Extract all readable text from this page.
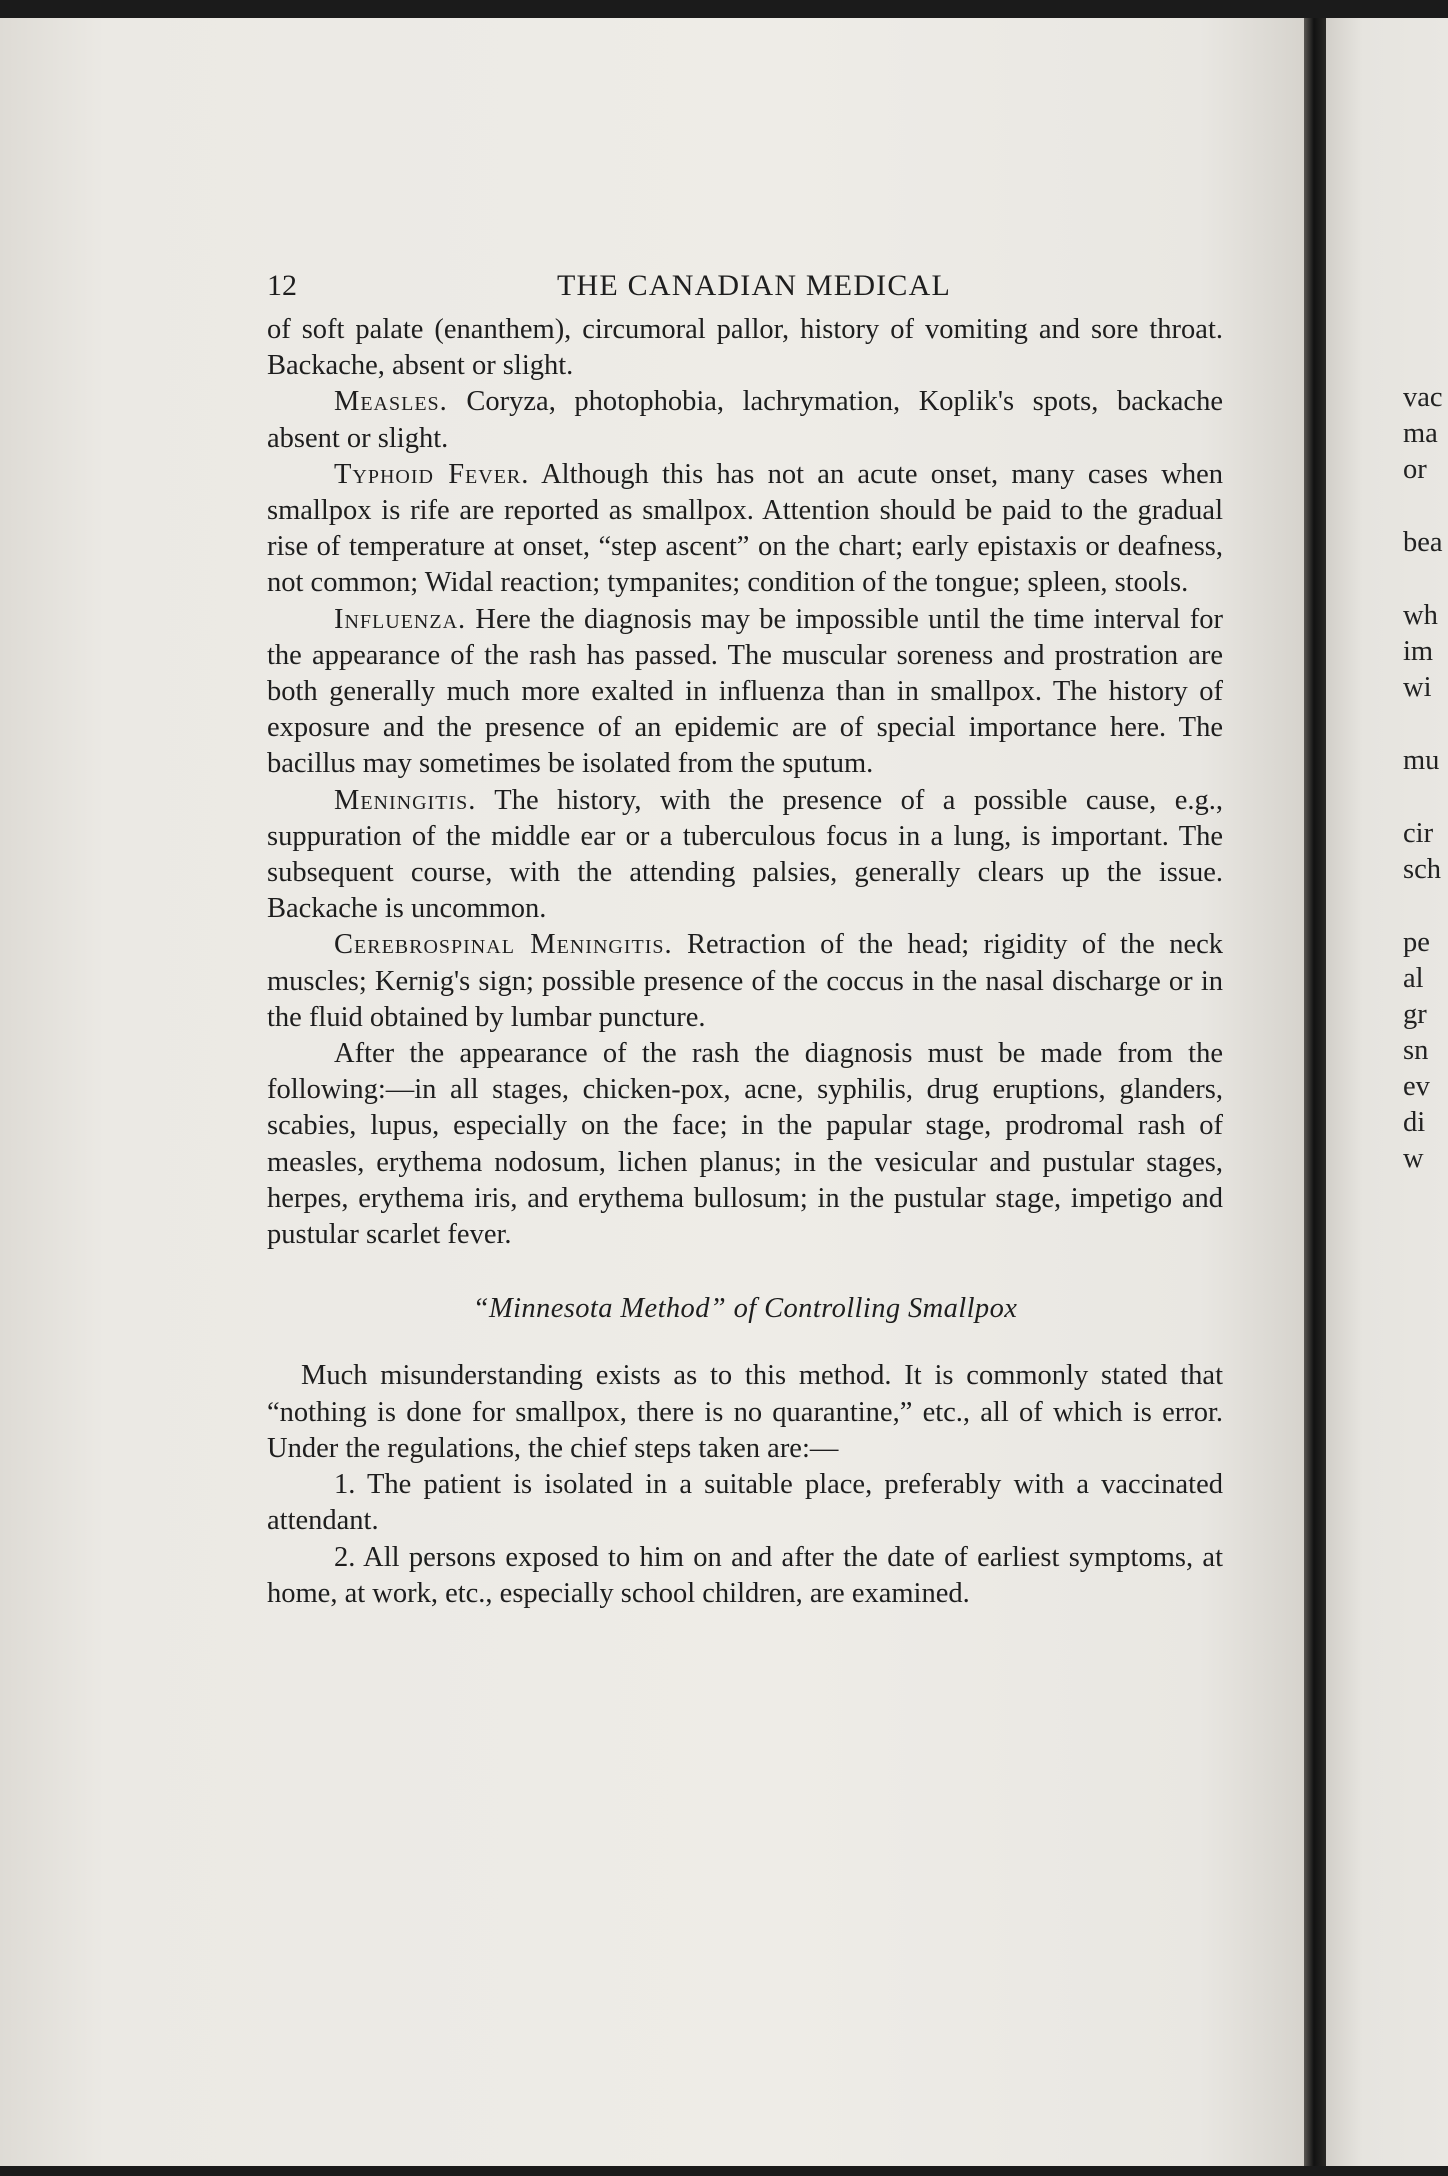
12	THE CANADIAN MEDICAL

of soft palate (enanthem), circumoral pallor, history of vomiting and sore throat. Backache, absent or slight.

Measles. Coryza, photophobia, lachrymation, Koplik's spots, backache absent or slight.

Typhoid Fever. Although this has not an acute onset, many cases when smallpox is rife are reported as smallpox. Attention should be paid to the gradual rise of temperature at onset, “step ascent” on the chart; early epistaxis or deafness, not common; Widal reaction; tympanites; condition of the tongue; spleen, stools.

Influenza. Here the diagnosis may be impossible until the time interval for the appearance of the rash has passed. The muscular soreness and prostration are both generally much more exalted in influenza than in smallpox. The history of exposure and the presence of an epidemic are of special importance here. The bacillus may sometimes be isolated from the sputum.

Meningitis. The history, with the presence of a possible cause, e.g., suppuration of the middle ear or a tuberculous focus in a lung, is important. The subsequent course, with the attending palsies, generally clears up the issue. Backache is uncommon.

Cerebrospinal Meningitis. Retraction of the head; rigidity of the neck muscles; Kernig's sign; possible presence of the coccus in the nasal discharge or in the fluid obtained by lumbar puncture.

After the appearance of the rash the diagnosis must be made from the following:—in all stages, chicken-pox, acne, syphilis, drug eruptions, glanders, scabies, lupus, especially on the face; in the papular stage, prodromal rash of measles, erythema nodosum, lichen planus; in the vesicular and pustular stages, herpes, erythema iris, and erythema bullosum; in the pustular stage, impetigo and pustular scarlet fever.

“Minnesota Method” of Controlling Smallpox

Much misunderstanding exists as to this method. It is commonly stated that “nothing is done for smallpox, there is no quarantine,” etc., all of which is error. Under the regulations, the chief steps taken are:—

1. The patient is isolated in a suitable place, preferably with a vaccinated attendant.

2. All persons exposed to him on and after the date of earliest symptoms, at home, at work, etc., especially school children, are examined.

vac
ma
or
bea
wh
im
wi
mu
cir
sch
pe
al
gr
sn
ev
di
w
